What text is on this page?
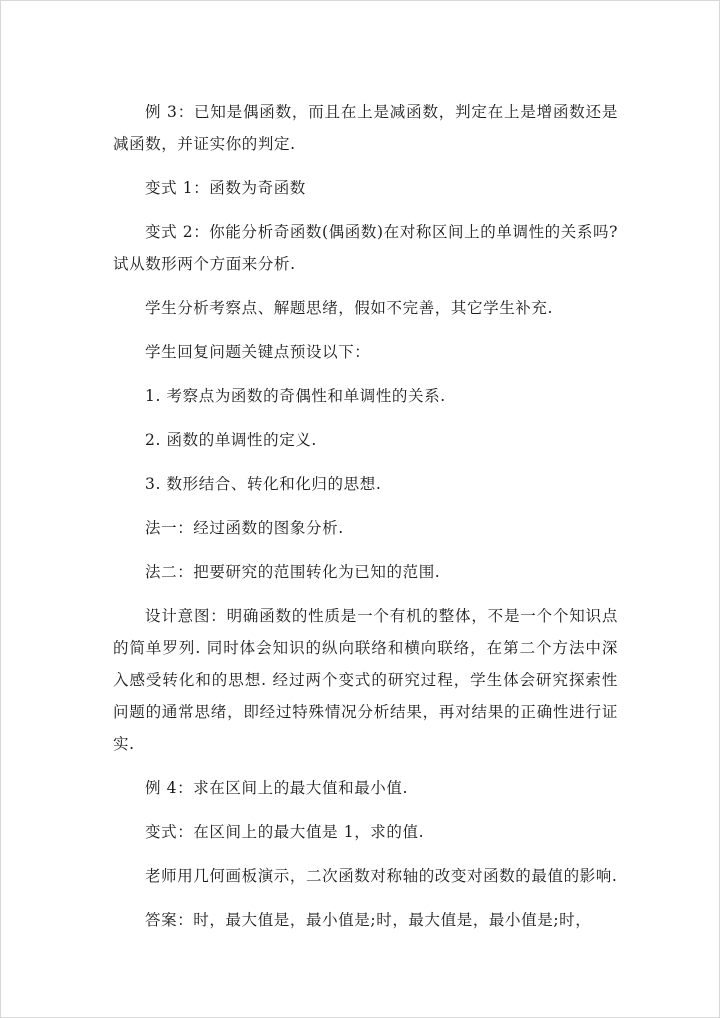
例 3：已知是偶函数，而且在上是减函数，判定在上是增函数还是减函数，并证实你的判定.

变式 1：函数为奇函数

变式 2：你能分析奇函数(偶函数)在对称区间上的单调性的关系吗?试从数形两个方面来分析.

学生分析考察点、解题思绪，假如不完善，其它学生补充.

学生回复问题关键点预设以下：

1. 考察点为函数的奇偶性和单调性的关系.

2. 函数的单调性的定义.

3. 数形结合、转化和化归的思想.

法一：经过函数的图象分析.

法二：把要研究的范围转化为已知的范围.

设计意图：明确函数的性质是一个有机的整体，不是一个个知识点的简单罗列. 同时体会知识的纵向联络和横向联络，在第二个方法中深入感受转化和的思想. 经过两个变式的研究过程，学生体会研究探索性问题的通常思绪，即经过特殊情况分析结果，再对结果的正确性进行证实.

例 4：求在区间上的最大值和最小值.

变式：在区间上的最大值是 1，求的值.

老师用几何画板演示，二次函数对称轴的改变对函数的最值的影响.

答案：时，最大值是，最小值是;时，最大值是，最小值是;时，
